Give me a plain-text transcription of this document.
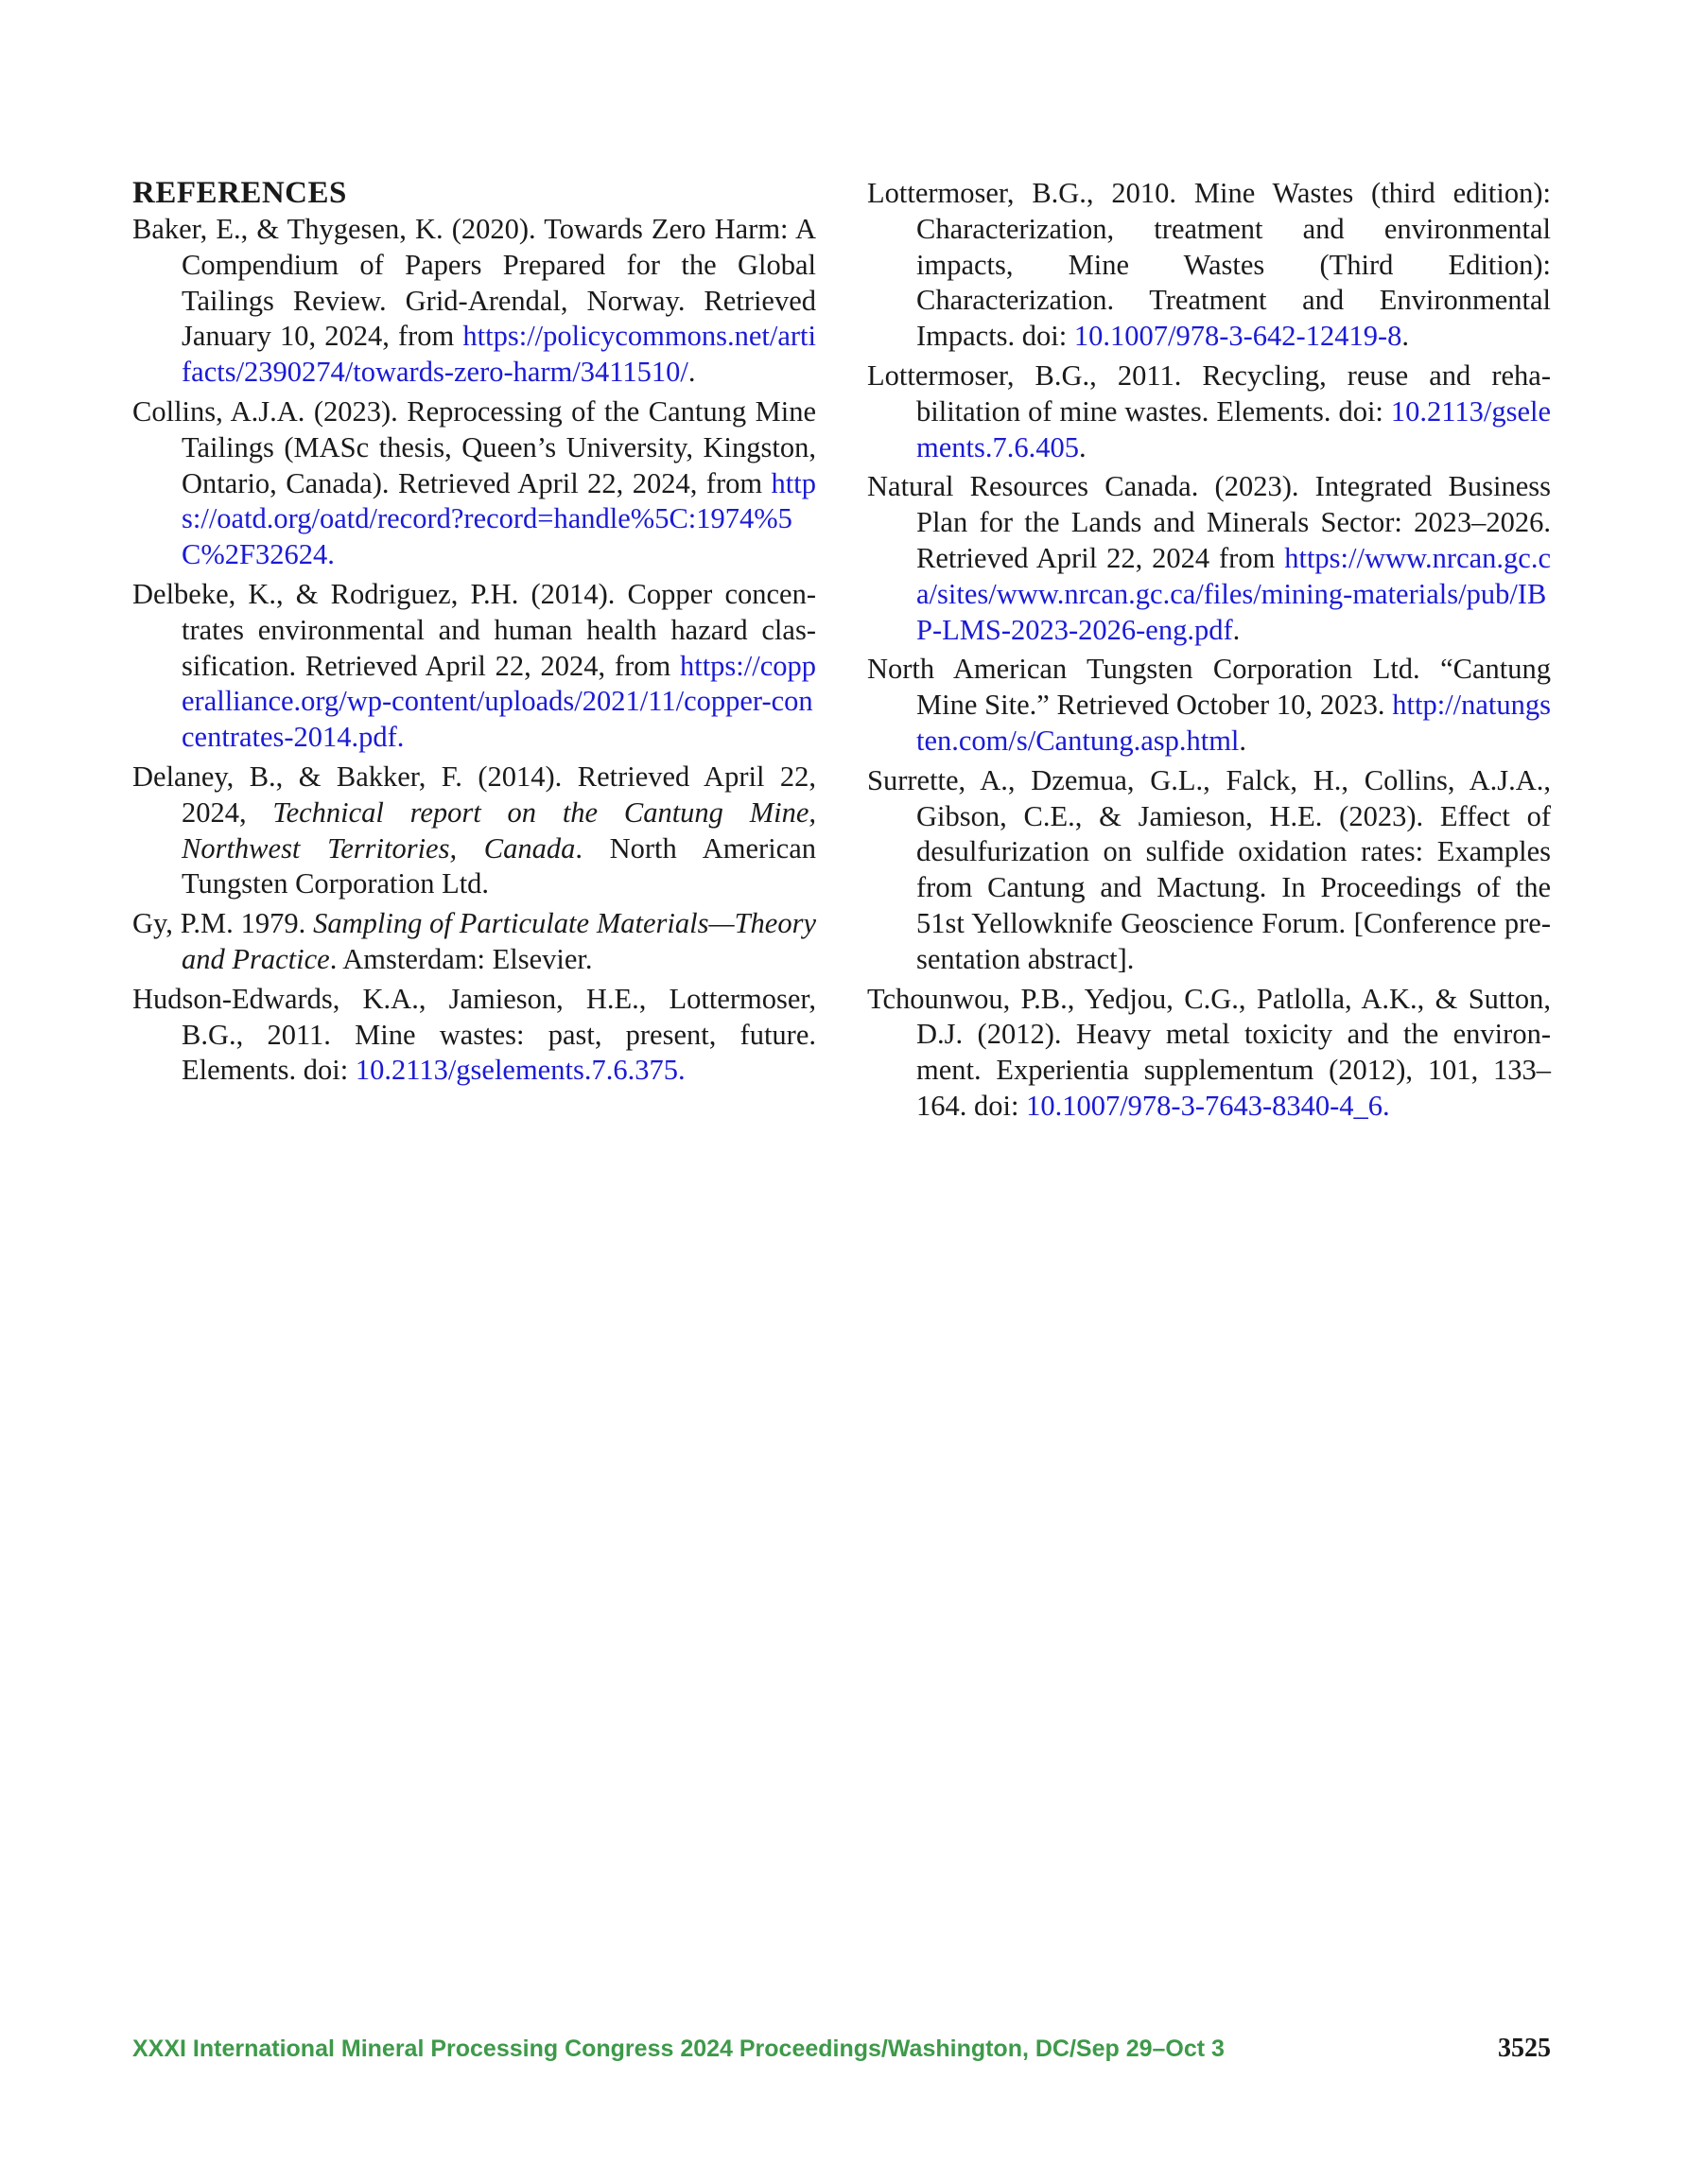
REFERENCES
Baker, E., & Thygesen, K. (2020). Towards Zero Harm: A Compendium of Papers Prepared for the Global Tailings Review. Grid-Arendal, Norway. Retrieved January 10, 2024, from https://policycommons.net/artifacts/2390274/towards-zero-harm/3411510/.
Collins, A.J.A. (2023). Reprocessing of the Cantung Mine Tailings (MASc thesis, Queen’s University, Kingston, Ontario, Canada). Retrieved April 22, 2024, from https://oatd.org/oatd/record?record=handle%5C:1974%5C%2F32624.
Delbeke, K., & Rodriguez, P.H. (2014). Copper concentrates environmental and human health hazard classification. Retrieved April 22, 2024, from https://copperalliance.org/wp-content/uploads/2021/11/copper-concentrates-2014.pdf.
Delaney, B., & Bakker, F. (2014). Retrieved April 22, 2024, Technical report on the Cantung Mine, Northwest Territories, Canada. North American Tungsten Corporation Ltd.
Gy, P.M. 1979. Sampling of Particulate Materials—Theory and Practice. Amsterdam: Elsevier.
Hudson-Edwards, K.A., Jamieson, H.E., Lottermoser, B.G., 2011. Mine wastes: past, present, future. Elements. doi: 10.2113/gselements.7.6.375.
Lottermoser, B.G., 2010. Mine Wastes (third edition): Characterization, treatment and environmental impacts, Mine Wastes (Third Edition): Characterization. Treatment and Environmental Impacts. doi: 10.1007/978-3-642-12419-8.
Lottermoser, B.G., 2011. Recycling, reuse and rehabilitation of mine wastes. Elements. doi: 10.2113/gselements.7.6.405.
Natural Resources Canada. (2023). Integrated Business Plan for the Lands and Minerals Sector: 2023–2026. Retrieved April 22, 2024 from https://www.nrcan.gc.ca/sites/www.nrcan.gc.ca/files/mining-materials/pub/IBP-LMS-2023-2026-eng.pdf.
North American Tungsten Corporation Ltd. “Cantung Mine Site.” Retrieved October 10, 2023. http://natungsten.com/s/Cantung.asp.html.
Surrette, A., Dzemua, G.L., Falck, H., Collins, A.J.A., Gibson, C.E., & Jamieson, H.E. (2023). Effect of desulfurization on sulfide oxidation rates: Examples from Cantung and Mactung. In Proceedings of the 51st Yellowknife Geoscience Forum. [Conference presentation abstract].
Tchounwou, P.B., Yedjou, C.G., Patlolla, A.K., & Sutton, D.J. (2012). Heavy metal toxicity and the environment. Experientia supplementum (2012), 101, 133–164. doi: 10.1007/978-3-7643-8340-4_6.
XXXI International Mineral Processing Congress 2024 Proceedings/Washington, DC/Sep 29–Oct 3	3525
